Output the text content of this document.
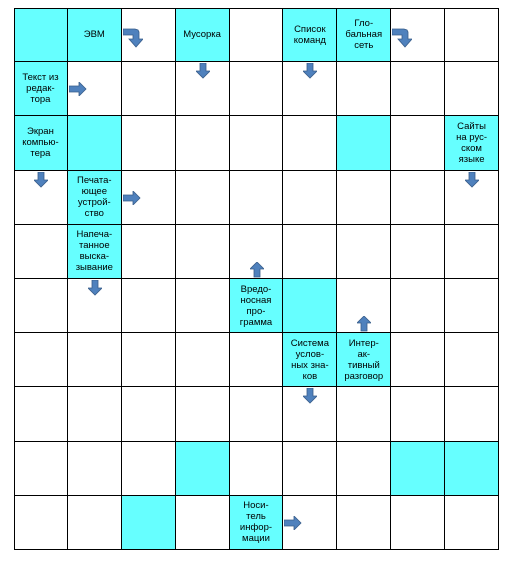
ЭВМ	Мусорка	Список
команд
Гло-
бальная
сеть
Текст из
редак-
тора
Экран
компью-
тера
Сайты
на рус-
ском
языке
Печата-
ющее
устрой-
ство
Напеча-
танное
выска-
зывание
Вредо-
носная
про-
грамма
Система
услов-
ных зна-
ков
Интер-
ак-
тивный
разговор
Носи-
тель
инфор-
мации
